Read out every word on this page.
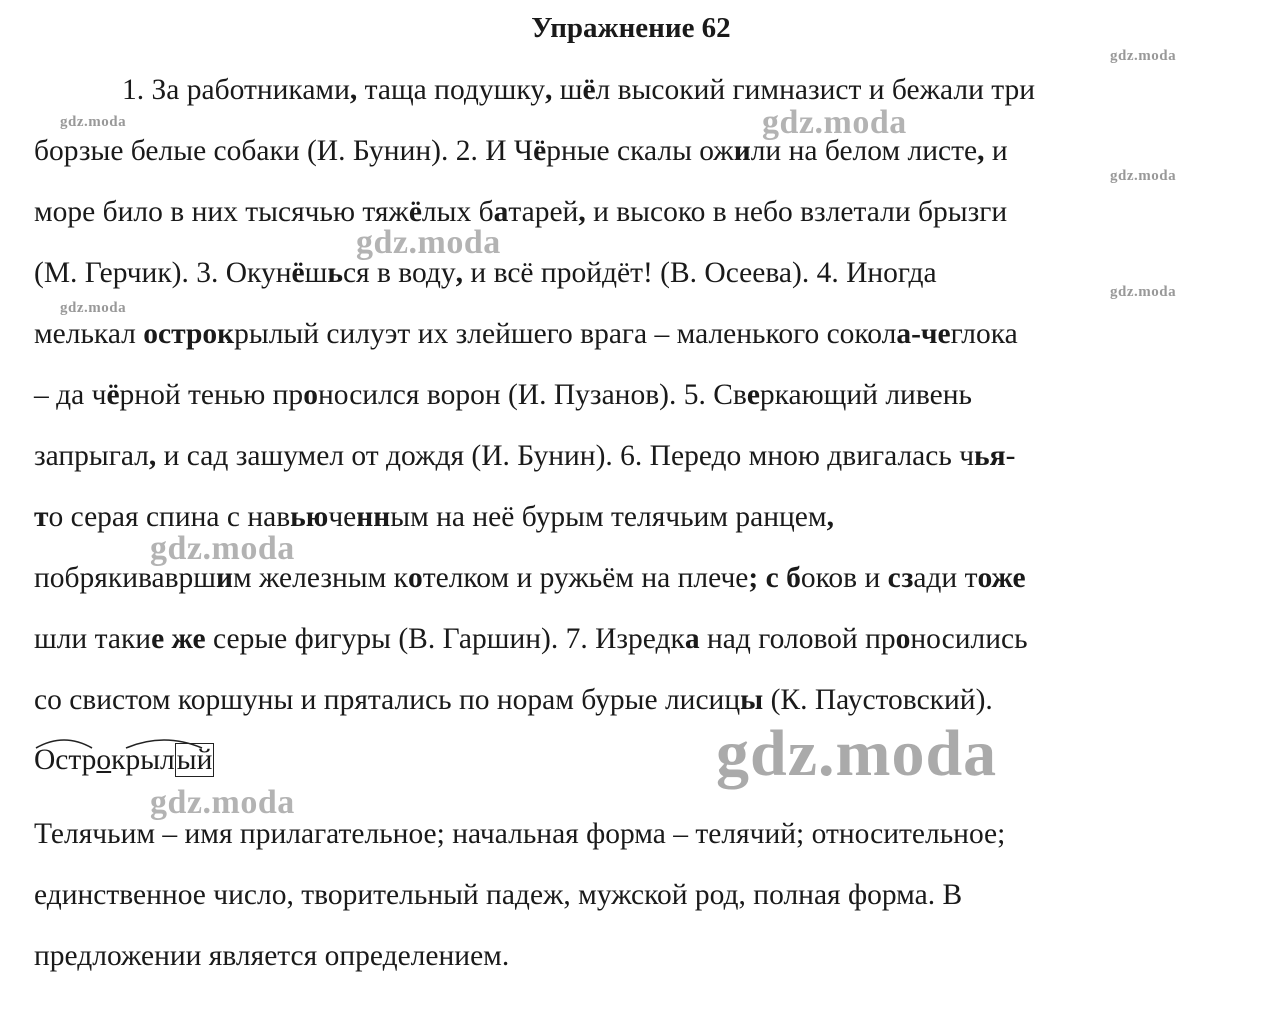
Упражнение 62
1. За работниками, таща подушку, шёл высокий гимназист и бежали три
борзые белые собаки (И. Бунин). 2. И Чёрные скалы ожили на белом листе, и
море било в них тысячью тяжёлых батарей, и высоко в небо взлетали брызги
(М. Герчик). 3. Окунёшься в воду, и всё пройдёт! (В. Осеева). 4. Иногда
мелькал острокрылый силуэт их злейшего врага – маленького сокола-чеглока
– да чёрной тенью проносился ворон (И. Пузанов). 5. Сверкающий ливень
запрыгал, и сад зашумел от дождя (И. Бунин). 6. Передо мною двигалась чья-
то серая спина с навьюченным на неё бурым телячьим ранцем,
побрякивавршим железным котелком и ружьём на плече; с боков и сзади тоже
шли такие же серые фигуры (В. Гаршин). 7. Изредка над головой проносились
со свистом коршуны и прятались по норам бурые лисицы (К. Паустовский).
Острокрылый
Телячьим – имя прилагательное; начальная форма – телячий; относительное;
единственное число, творительный падеж, мужской род, полная форма. В
предложении является определением.
gdz.moda
gdz.moda	gdz.moda
gdz.moda
gdz.moda
gdz.moda
gdz.moda
gdz.moda
gdz.moda
gdz.moda
